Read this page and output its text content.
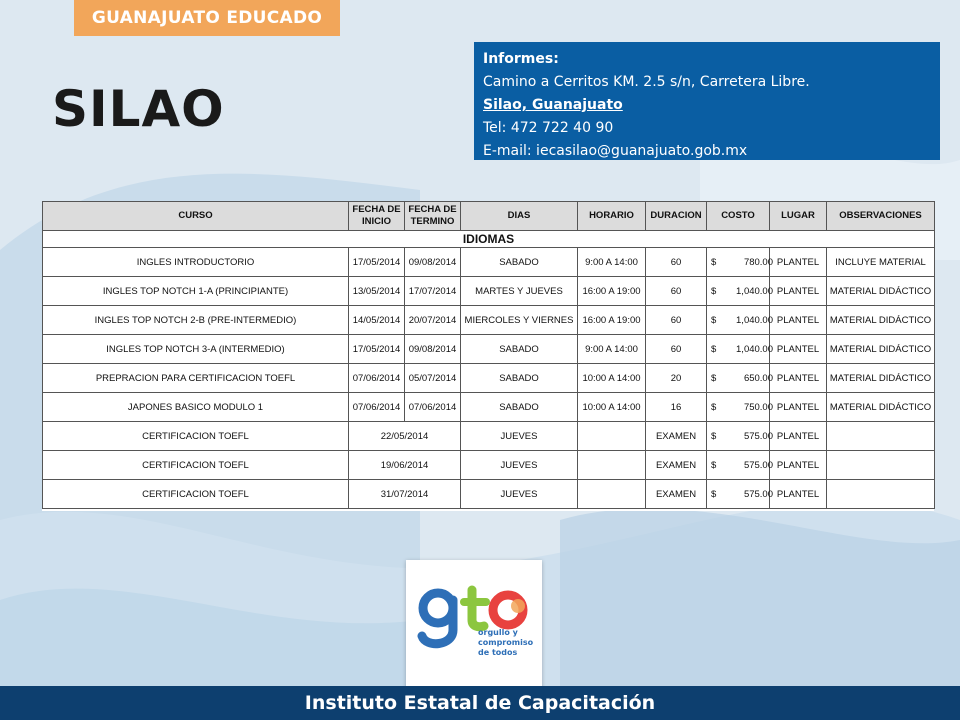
GUANAJUATO EDUCADO
SILAO
Informes:
Camino a Cerritos KM. 2.5 s/n, Carretera Libre.
Silao, Guanajuato
Tel: 472 722 40 90
E-mail: iecasilao@guanajuato.gob.mx
CURSO	FECHA DE INICIO	FECHA DE TERMINO	DIAS	HORARIO	DURACION	COSTO	LUGAR	OBSERVACIONES
IDIOMAS								
INGLES INTRODUCTORIO	17/05/2014	09/08/2014	SABADO	9:00 A 14:00	60	$ 780.00	PLANTEL	INCLUYE MATERIAL
INGLES TOP NOTCH 1-A (PRINCIPIANTE)	13/05/2014	17/07/2014	MARTES Y JUEVES	16:00 A 19:00	60	$ 1,040.00	PLANTEL	MATERIAL DIDÁCTICO
INGLES TOP NOTCH 2-B (PRE-INTERMEDIO)	14/05/2014	20/07/2014	MIERCOLES Y VIERNES	16:00 A 19:00	60	$ 1,040.00	PLANTEL	MATERIAL DIDÁCTICO
INGLES TOP NOTCH 3-A (INTERMEDIO)	17/05/2014	09/08/2014	SABADO	9:00 A 14:00	60	$ 1,040.00	PLANTEL	MATERIAL DIDÁCTICO
PREPRACION PARA CERTIFICACION TOEFL	07/06/2014	05/07/2014	SABADO	10:00 A 14:00	20	$ 650.00	PLANTEL	MATERIAL DIDÁCTICO
JAPONES BASICO MODULO 1	07/06/2014	07/06/2014	SABADO	10:00 A 14:00	16	$ 750.00	PLANTEL	MATERIAL DIDÁCTICO
CERTIFICACION TOEFL	22/05/2014		JUEVES		EXAMEN	$ 575.00	PLANTEL	
CERTIFICACION TOEFL	19/06/2014		JUEVES		EXAMEN	$ 575.00	PLANTEL	
CERTIFICACION TOEFL	31/07/2014		JUEVES		EXAMEN	$ 575.00	PLANTEL	
orgullo y
compromiso
de todos
Instituto Estatal de Capacitación
